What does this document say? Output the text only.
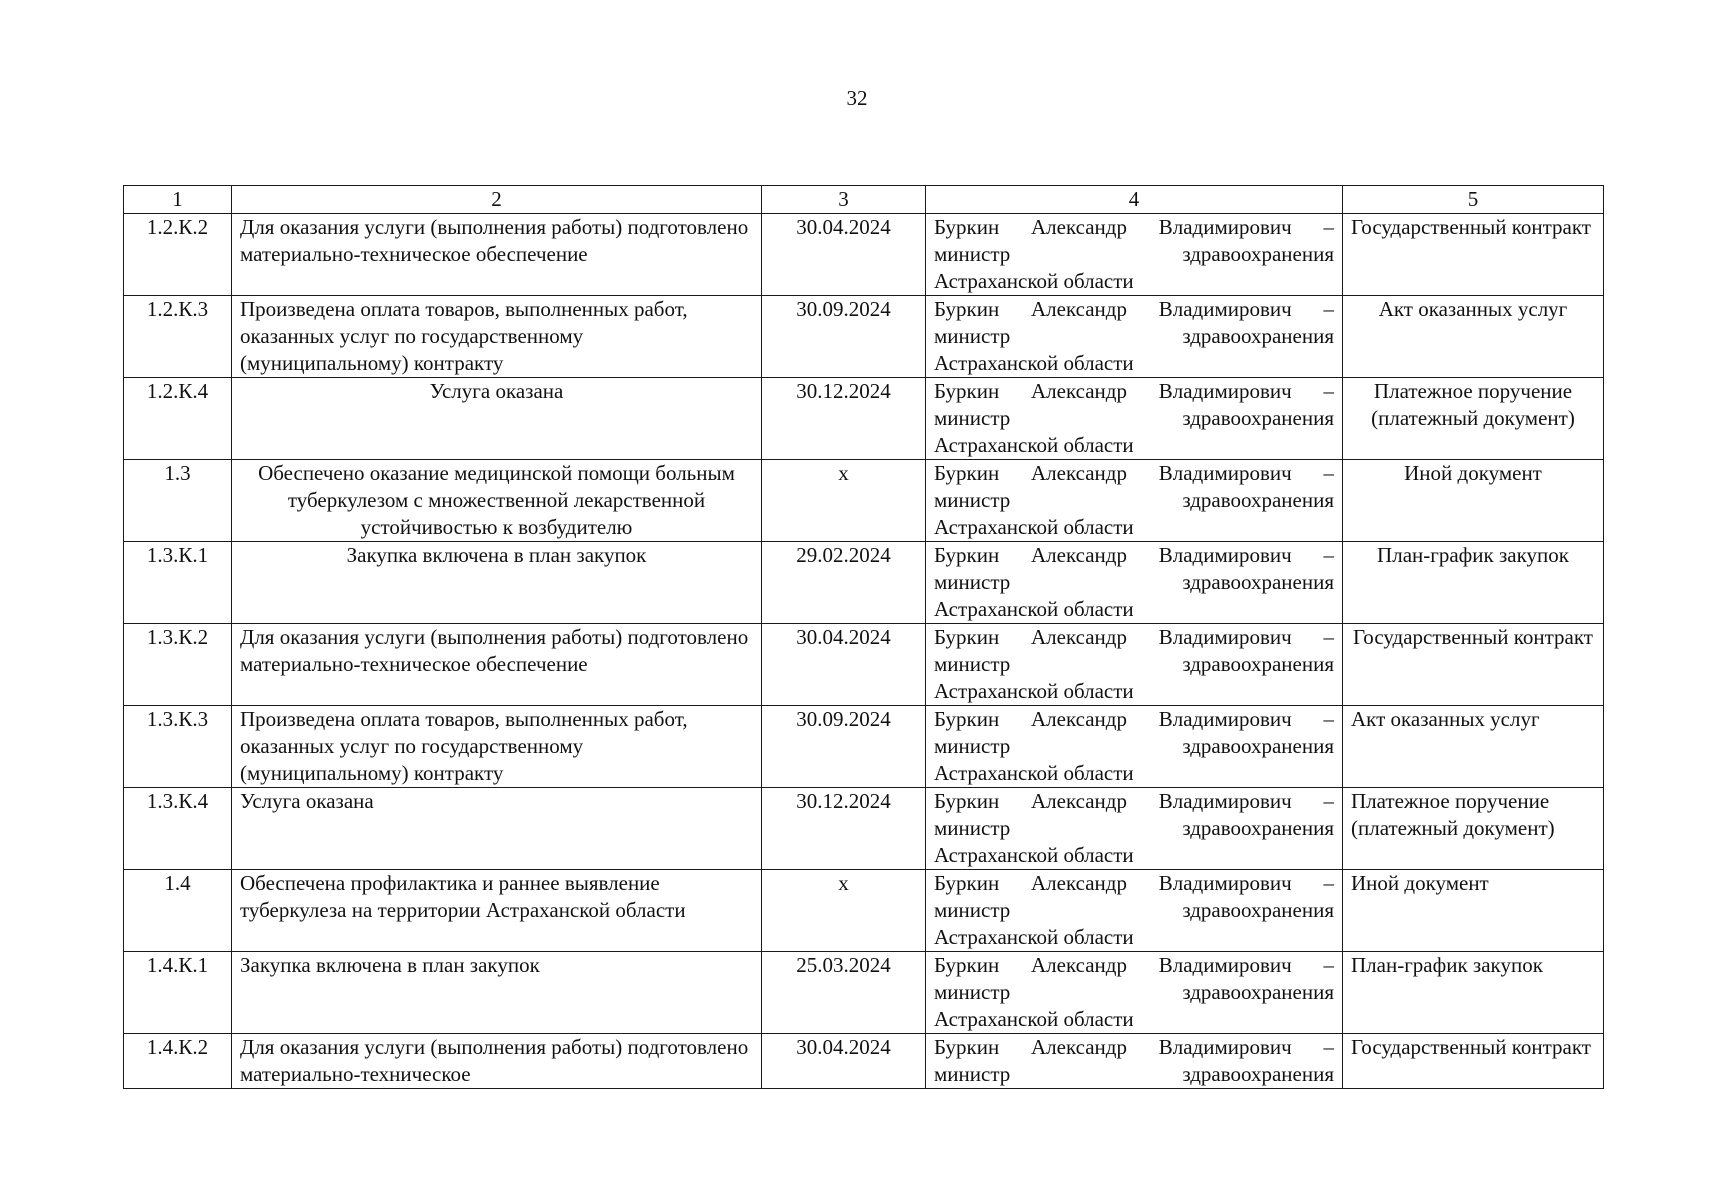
32
1	2	3	4	5
1.2.К.2	Для оказания услуги (выполнения работы) подготовлено материально-техническое обеспечение	30.04.2024	Буркин Александр Владимирович –
министр здравоохранения
Астраханской области	Государственный контракт
1.2.К.3	Произведена оплата товаров, выполненных работ, оказанных услуг по государственному (муниципальному) контракту	30.09.2024	Буркин Александр Владимирович –
министр здравоохранения
Астраханской области	Акт оказанных услуг
1.2.К.4	Услуга оказана	30.12.2024	Буркин Александр Владимирович –
министр здравоохранения
Астраханской области	Платежное поручение (платежный документ)
1.3	Обеспечено оказание медицинской помощи больным туберкулезом с множественной лекарственной устойчивостью к возбудителю	х	Буркин Александр Владимирович –
министр здравоохранения
Астраханской области	Иной документ
1.3.К.1	Закупка включена в план закупок	29.02.2024	Буркин Александр Владимирович –
министр здравоохранения
Астраханской области	План-график закупок
1.3.К.2	Для оказания услуги (выполнения работы) подготовлено материально-техническое обеспечение	30.04.2024	Буркин Александр Владимирович –
министр здравоохранения
Астраханской области	Государственный контракт
1.3.К.3	Произведена оплата товаров, выполненных работ, оказанных услуг по государственному (муниципальному) контракту	30.09.2024	Буркин Александр Владимирович –
министр здравоохранения
Астраханской области	Акт оказанных услуг
1.3.К.4	Услуга оказана	30.12.2024	Буркин Александр Владимирович –
министр здравоохранения
Астраханской области	Платежное поручение (платежный документ)
1.4	Обеспечена профилактика и раннее выявление туберкулеза на территории Астраханской области	х	Буркин Александр Владимирович –
министр здравоохранения
Астраханской области	Иной документ
1.4.К.1	Закупка включена в план закупок	25.03.2024	Буркин Александр Владимирович –
министр здравоохранения
Астраханской области	План-график закупок
1.4.К.2	Для оказания услуги (выполнения работы) подготовлено материально-техническое	30.04.2024	Буркин Александр Владимирович –
министр здравоохранения	Государственный контракт
